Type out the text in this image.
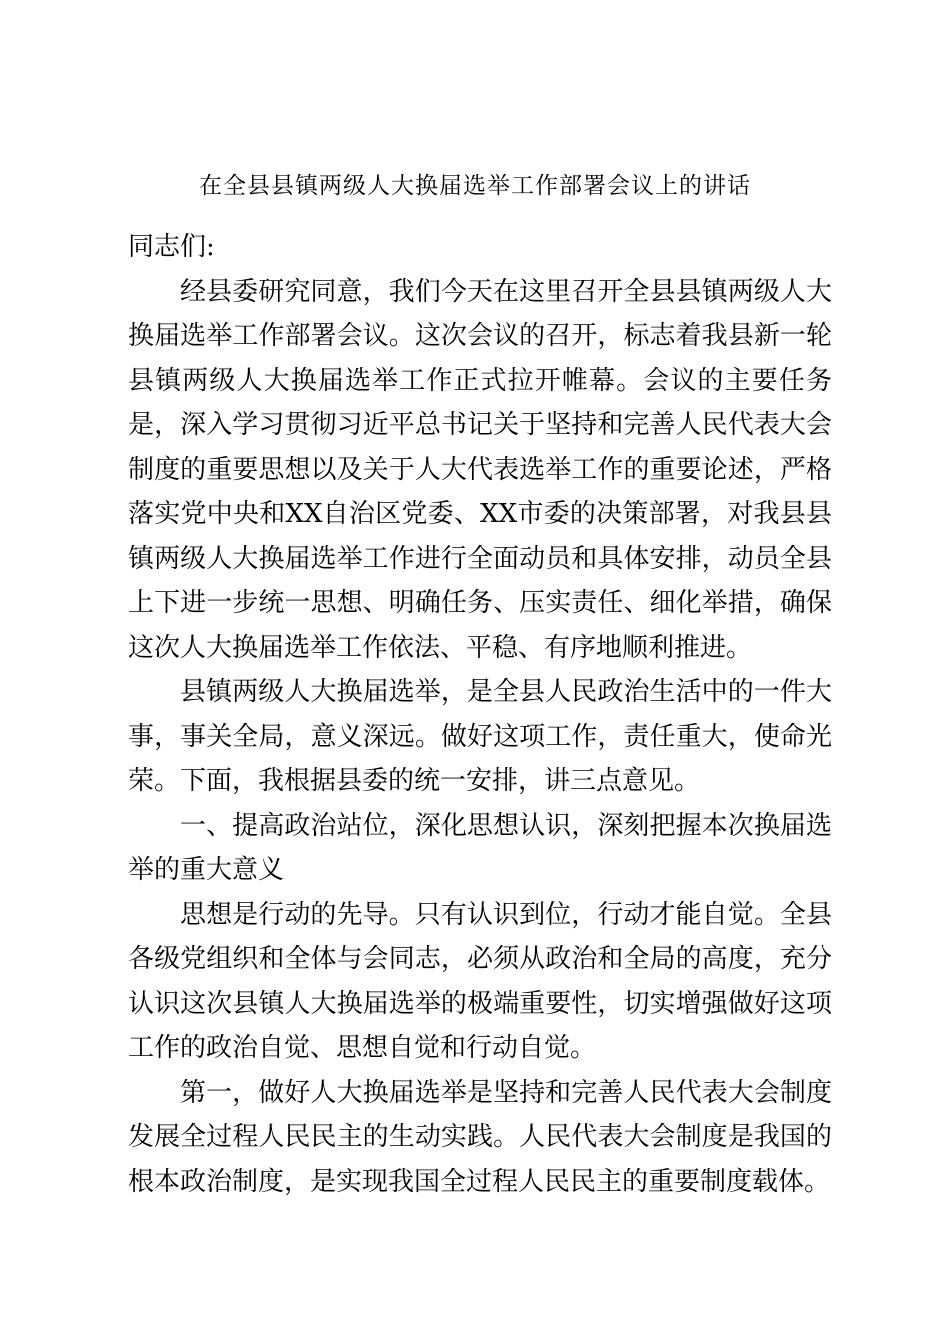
在全县县镇两级人大换届选举工作部署会议上的讲话

同志们:

经县委研究同意，我们今天在这里召开全县县镇两级人大换届选举工作部署会议。这次会议的召开，标志着我县新一轮县镇两级人大换届选举工作正式拉开帷幕。会议的主要任务是，深入学习贯彻习近平总书记关于坚持和完善人民代表大会制度的重要思想以及关于人大代表选举工作的重要论述，严格落实党中央和XX自治区党委、XX市委的决策部署，对我县县镇两级人大换届选举工作进行全面动员和具体安排，动员全县上下进一步统一思想、明确任务、压实责任、细化举措，确保这次人大换届选举工作依法、平稳、有序地顺利推进。

县镇两级人大换届选举，是全县人民政治生活中的一件大事，事关全局，意义深远。做好这项工作，责任重大，使命光荣。下面，我根据县委的统一安排，讲三点意见。

一、提高政治站位，深化思想认识，深刻把握本次换届选举的重大意义

思想是行动的先导。只有认识到位，行动才能自觉。全县各级党组织和全体与会同志，必须从政治和全局的高度，充分认识这次县镇人大换届选举的极端重要性，切实增强做好这项工作的政治自觉、思想自觉和行动自觉。

第一，做好人大换届选举是坚持和完善人民代表大会制度发展全过程人民民主的生动实践。人民代表大会制度是我国的根本政治制度，是实现我国全过程人民民主的重要制度载体。
